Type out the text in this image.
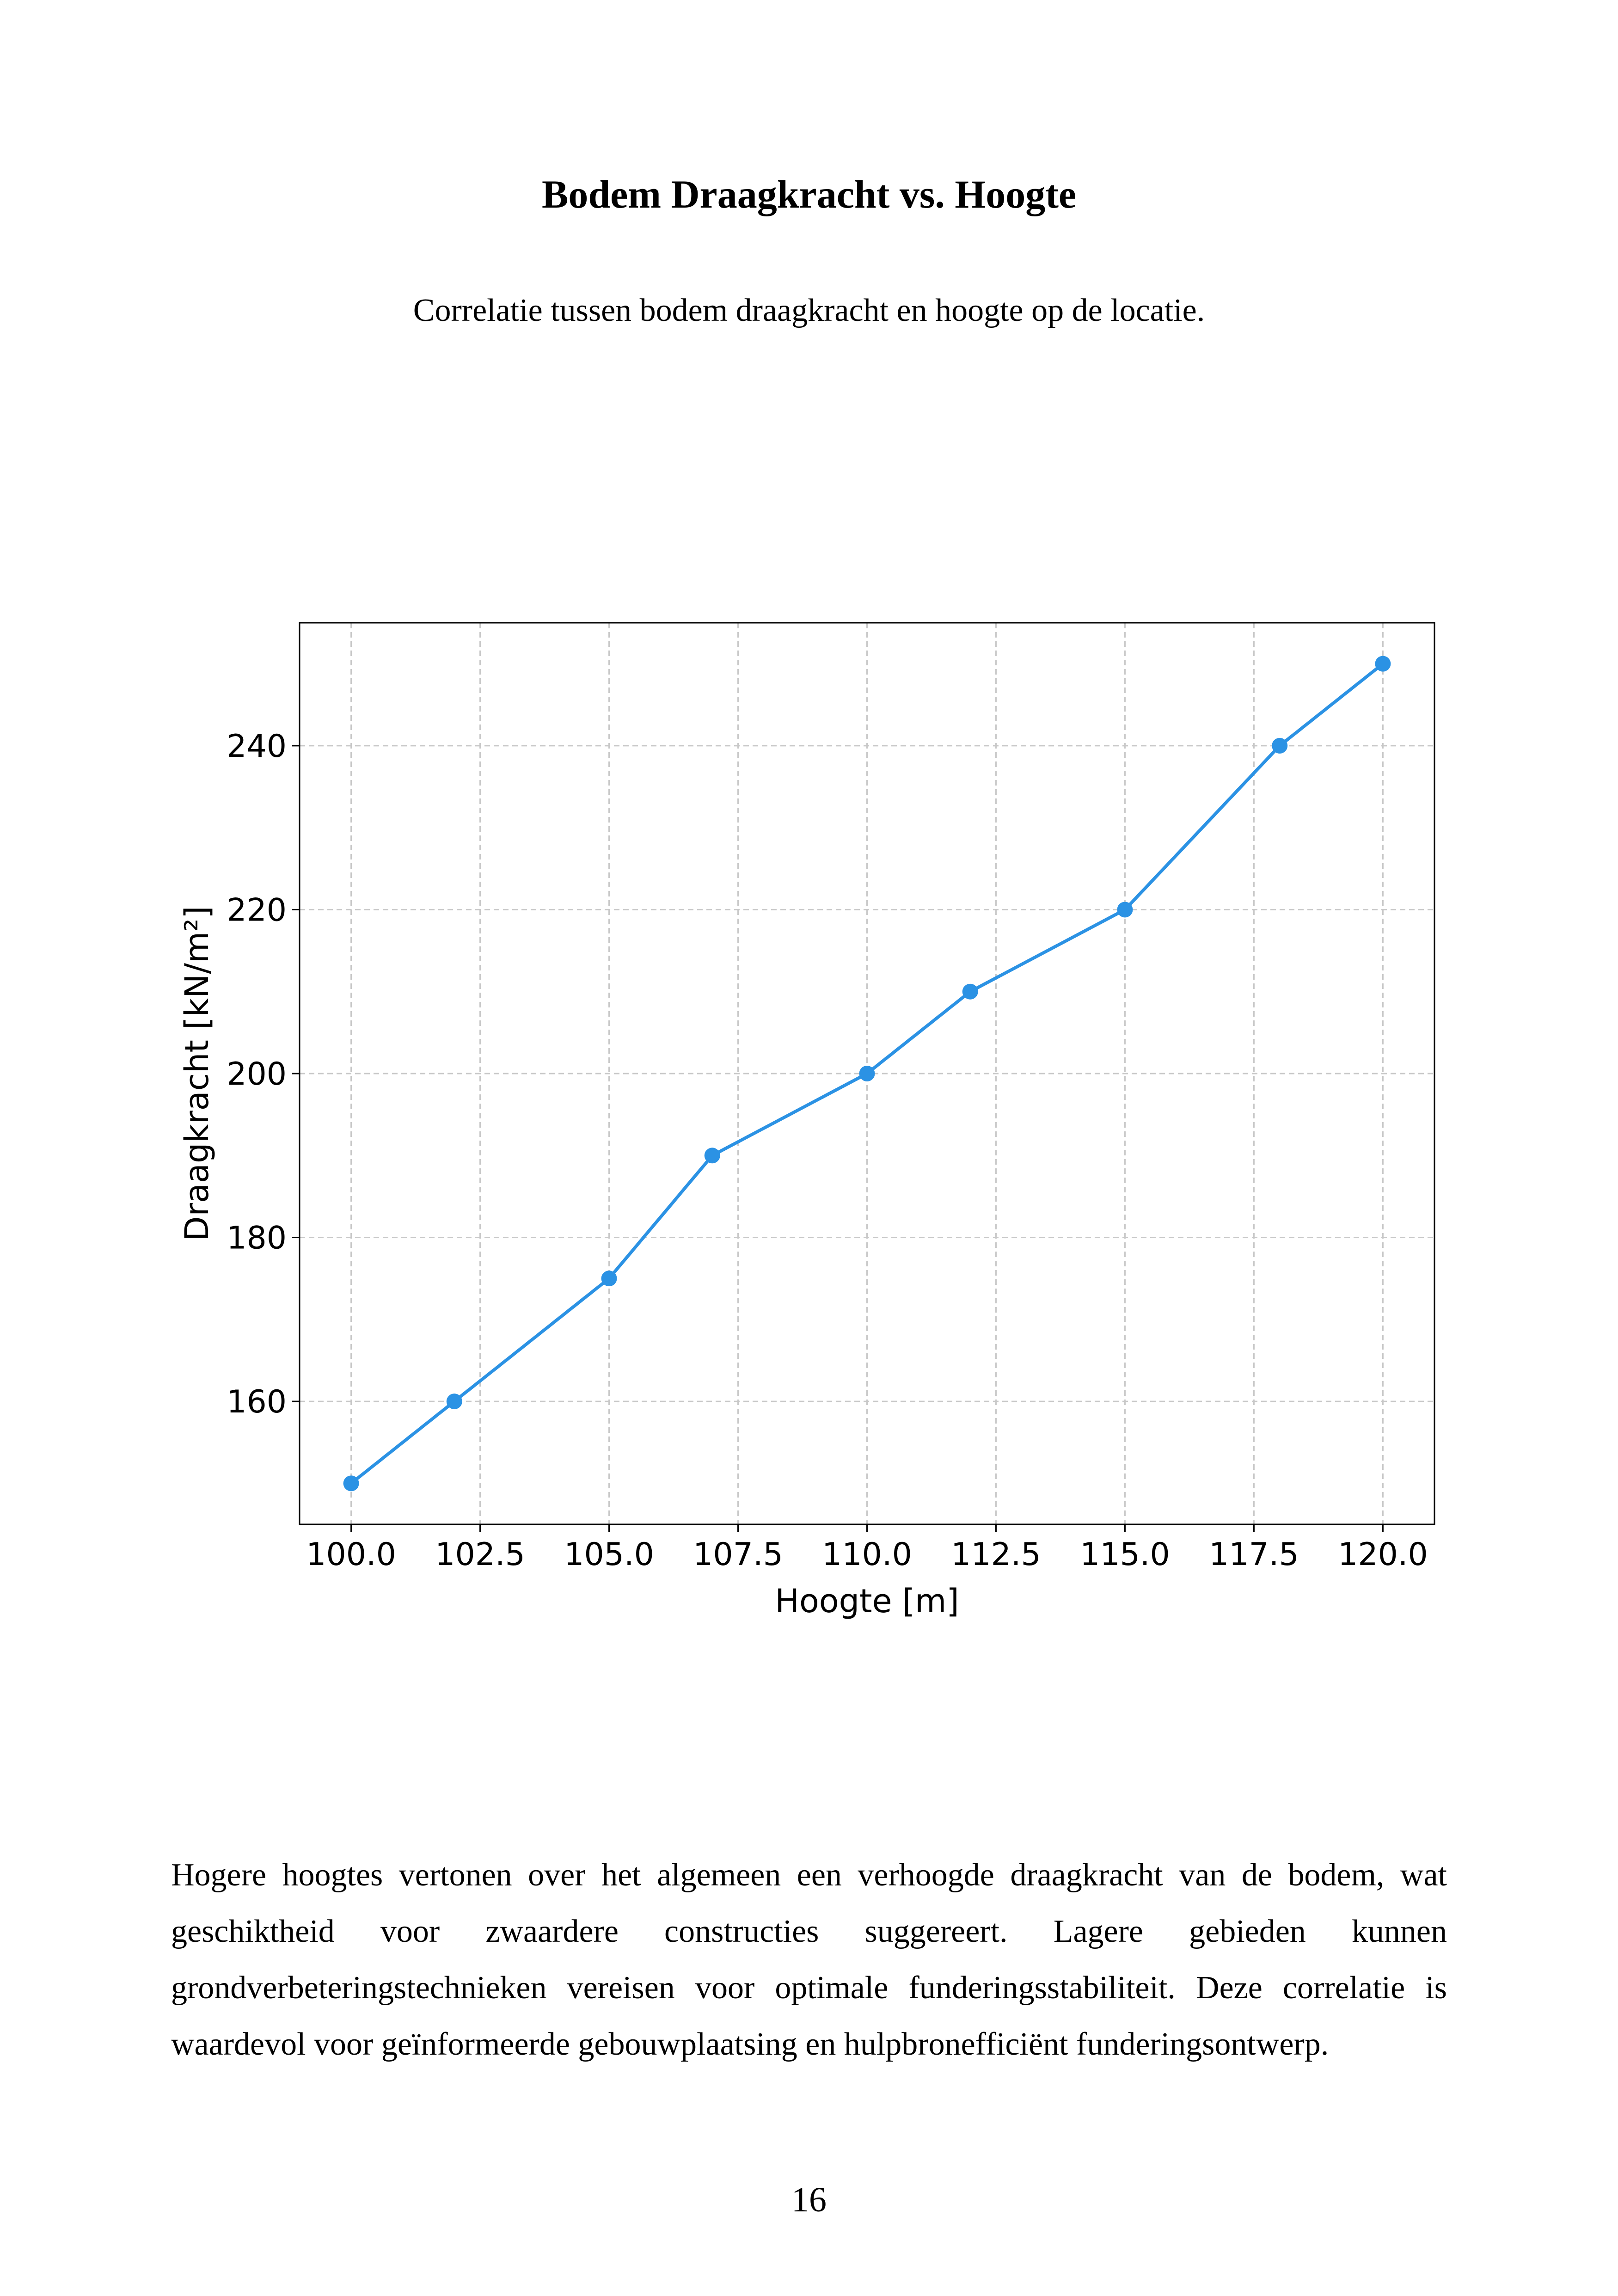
Bodem Draagkracht vs. Hoogte
Correlatie tussen bodem draagkracht en hoogte op de locatie.
100.0 102.5 105.0 107.5 110.0 112.5 115.0 117.5 120.0
160
180
200
220
240
Hoogte [m]
Draagkracht [kN/m²]
Hogere hoogtes vertonen over het algemeen een verhoogde draagkracht van de bodem, wat geschiktheid voor zwaardere constructies suggereert. Lagere gebieden kunnen grondverbeteringstechnieken vereisen voor optimale funderingsstabiliteit. Deze correlatie is waardevol voor geïnformeerde gebouwplaatsing en hulpbronefficiënt funderingsontwerp.
16
